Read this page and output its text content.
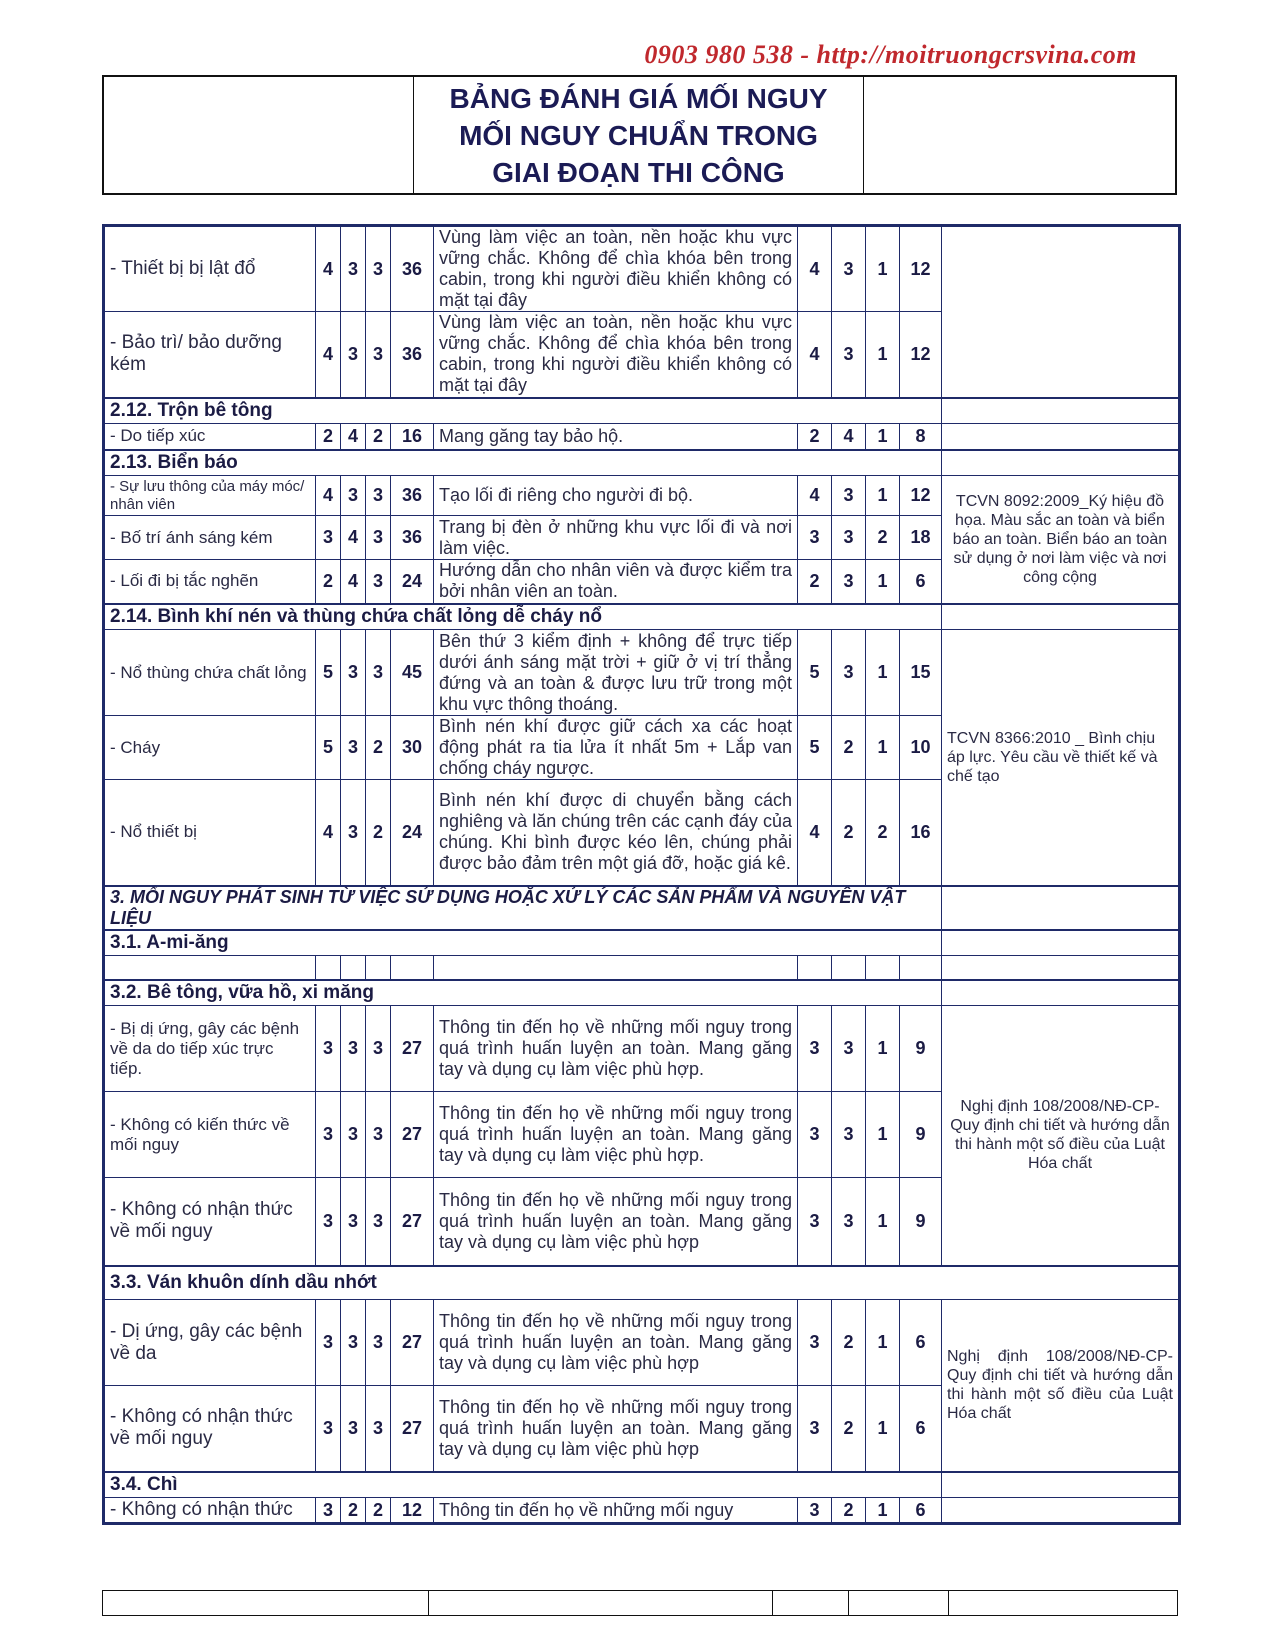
0903 980 538 - http://moitruongcrsvina.com
BẢNG ĐÁNH GIÁ MỐI NGUY
MỐI NGUY CHUẨN TRONG
GIAI ĐOẠN THI CÔNG
- Thiết bị bị lật đổ	4	3	3	36	Vùng làm việc an toàn, nền hoặc khu vực vững chắc. Không để chìa khóa bên trong cabin, trong khi người điều khiển không có mặt tại đây	4	3	1	12	
- Bảo trì/ bảo dưỡng kém	4	3	3	36	Vùng làm việc an toàn, nền hoặc khu vực vững chắc. Không để chìa khóa bên trong cabin, trong khi người điều khiển không có mặt tại đây	4	3	1	12	
2.12. Trộn bê tông										
- Do tiếp xúc	2	4	2	16	Mang găng tay bảo hộ.	2	4	1	8	
2.13. Biển báo										
- Sự lưu thông của máy móc/ nhân viên	4	3	3	36	Tạo lối đi riêng cho người đi bộ.	4	3	1	12	TCVN 8092:2009_Ký hiệu đồ họa. Màu sắc an toàn và biển báo an toàn. Biển báo an toàn sử dụng ở nơi làm việc và nơi công cộng
- Bố trí ánh sáng kém	3	4	3	36	Trang bị đèn ở những khu vực lối đi và nơi làm việc.	3	3	2	18	
- Lối đi bị tắc nghẽn	2	4	3	24	Hướng dẫn cho nhân viên và được kiểm tra bởi nhân viên an toàn.	2	3	1	6	
2.14. Bình khí nén và thùng chứa chất lỏng dễ cháy nổ										
- Nổ thùng chứa chất lỏng	5	3	3	45	Bên thứ 3 kiểm định + không để trực tiếp dưới ánh sáng mặt trời + giữ ở vị trí thẳng đứng và an toàn & được lưu trữ trong một khu vực thông thoáng.	5	3	1	15	TCVN 8366:2010 _ Bình chịu áp lực. Yêu cầu về thiết kế và chế tạo
- Cháy	5	3	2	30	Bình nén khí được giữ cách xa các hoạt động phát ra tia lửa ít nhất 5m + Lắp van chống cháy ngược.	5	2	1	10	
- Nổ thiết bị	4	3	2	24	Bình nén khí được di chuyển bằng cách nghiêng và lăn chúng trên các cạnh đáy của chúng. Khi bình được kéo lên, chúng phải được bảo đảm trên một giá đỡ, hoặc giá kê.	4	2	2	16	
3. MỐI NGUY PHÁT SINH TỪ VIỆC SỬ DỤNG HOẶC XỬ LÝ CÁC SẢN PHẨM VÀ NGUYÊN VẬT LIỆU										
3.1. A-mi-ăng										

3.2. Bê tông, vữa hồ, xi măng										
- Bị dị ứng, gây các bệnh về da do tiếp xúc trực tiếp.	3	3	3	27	Thông tin đến họ về những mối nguy trong quá trình huấn luyện an toàn. Mang găng tay và dụng cụ làm việc phù hợp.	3	3	1	9	Nghị định 108/2008/NĐ-CP-Quy định chi tiết và hướng dẫn thi hành một số điều của Luật Hóa chất
- Không có kiến thức về mối nguy	3	3	3	27	Thông tin đến họ về những mối nguy trong quá trình huấn luyện an toàn. Mang găng tay và dụng cụ làm việc phù hợp.	3	3	1	9	
- Không có nhận thức về mối nguy	3	3	3	27	Thông tin đến họ về những mối nguy trong quá trình huấn luyện an toàn. Mang găng tay và dụng cụ làm việc phù hợp	3	3	1	9	
3.3. Ván khuôn dính dầu nhớt										
- Dị ứng, gây các bệnh về da	3	3	3	27	Thông tin đến họ về những mối nguy trong quá trình huấn luyện an toàn. Mang găng tay và dụng cụ làm việc phù hợp	3	2	1	6	Nghị định 108/2008/NĐ-CP-Quy định chi tiết và hướng dẫn thi hành một số điều của Luật Hóa chất
- Không có nhận thức về mối nguy	3	3	3	27	Thông tin đến họ về những mối nguy trong quá trình huấn luyện an toàn. Mang găng tay và dụng cụ làm việc phù hợp	3	2	1	6	
3.4. Chì										
- Không có nhận thức	3	2	2	12	Thông tin đến họ về những mối nguy	3	2	1	6	
